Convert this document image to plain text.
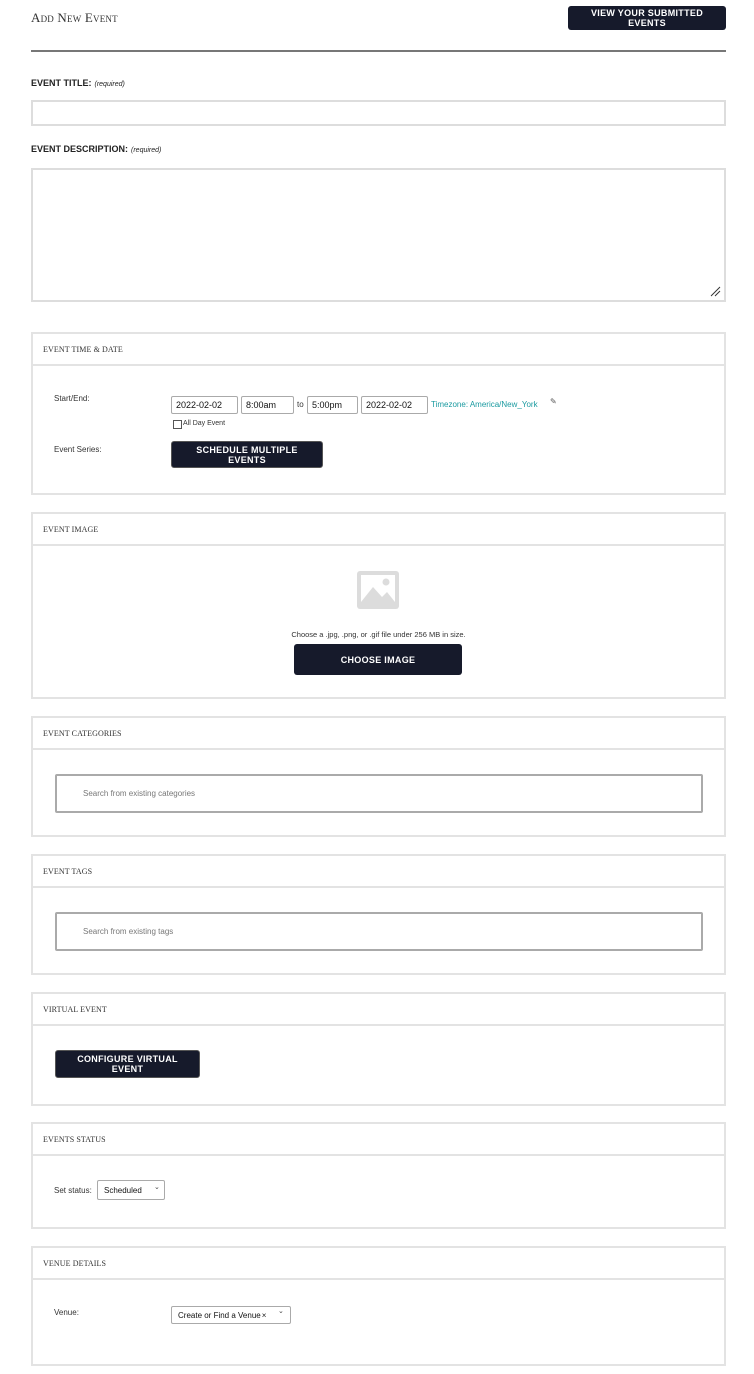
Add New Event	VIEW YOUR SUBMITTED EVENTS
EVENT TITLE: (required)
EVENT DESCRIPTION: (required)
EVENT TIME & DATE
Start/End:
2022-02-02	8:00am	to 5:00pm	2022-02-02	Timezone: America/New_York ✎
All Day Event
Event Series:	SCHEDULE MULTIPLE EVENTS
EVENT IMAGE
Choose a .jpg, .png, or .gif file under 256 MB in size.
CHOOSE IMAGE
EVENT CATEGORIES
Search from existing categories
EVENT TAGS
Search from existing tags
VIRTUAL EVENT
CONFIGURE VIRTUAL EVENT
EVENTS STATUS
Set status: Scheduled ⌄
VENUE DETAILS
Venue:	Create or Find a Venue × ⌄
